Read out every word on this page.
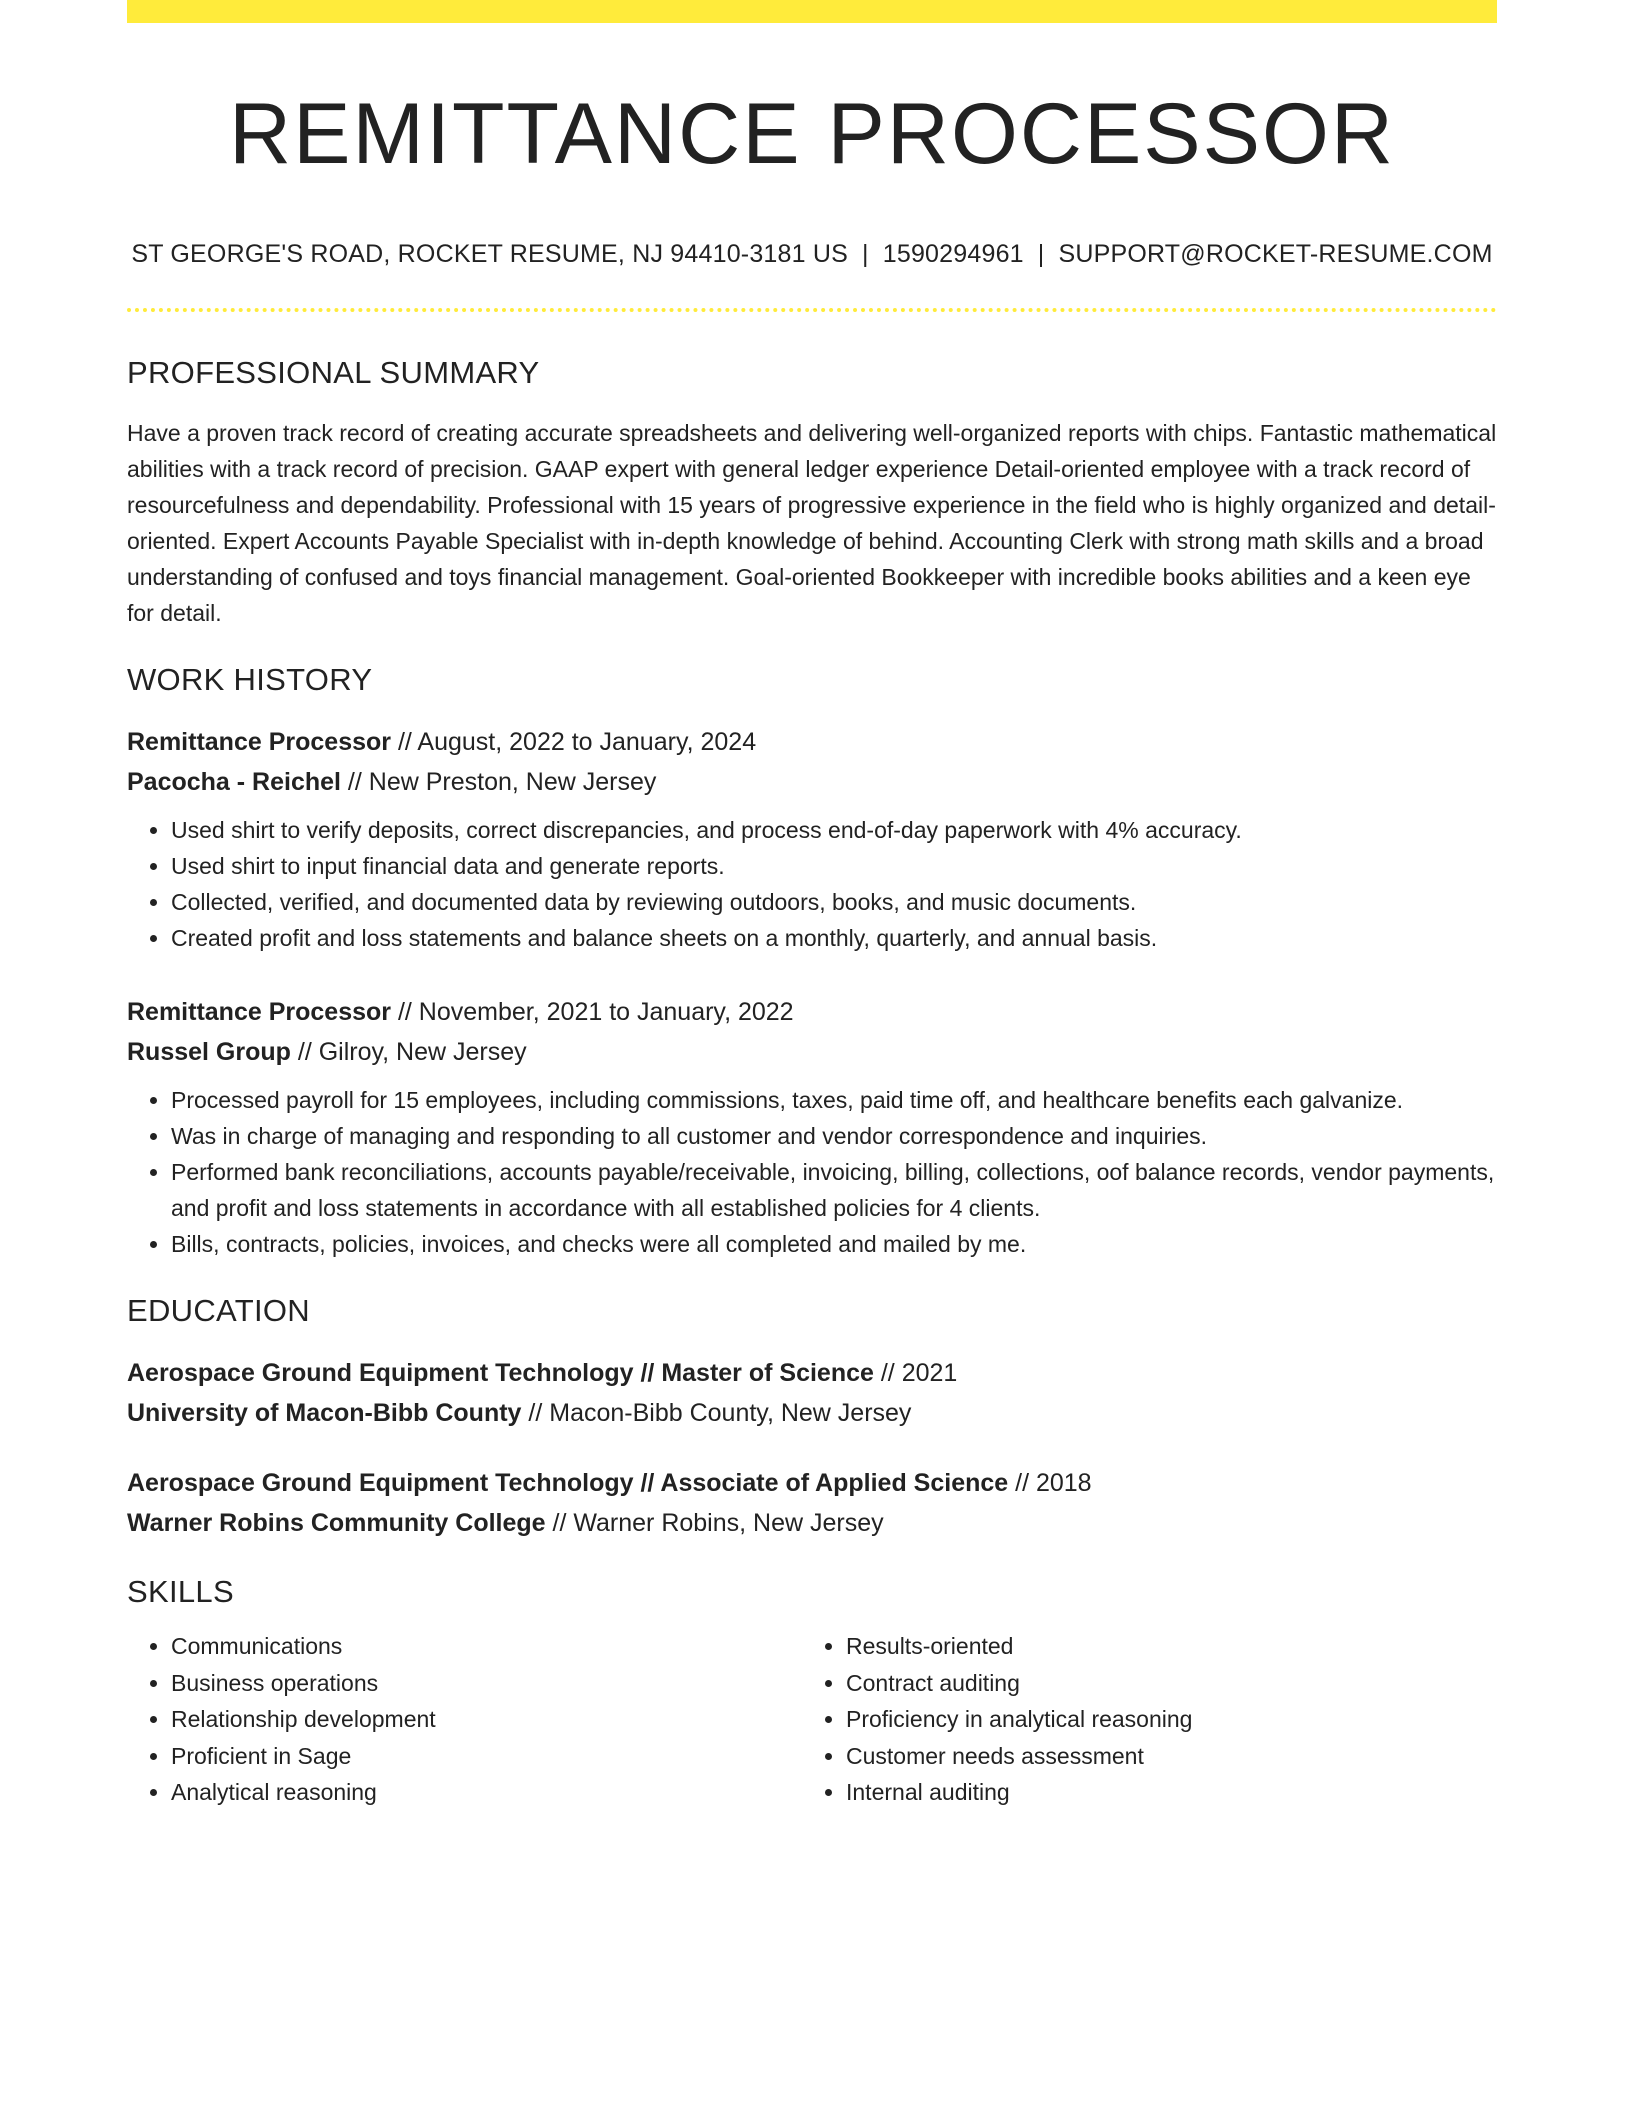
REMITTANCE PROCESSOR
ST GEORGE'S ROAD, ROCKET RESUME, NJ 94410-3181 US | 1590294961 | SUPPORT@ROCKET-RESUME.COM
PROFESSIONAL SUMMARY

Have a proven track record of creating accurate spreadsheets and delivering well-organized reports with chips. Fantastic mathematical abilities with a track record of precision. GAAP expert with general ledger experience Detail-oriented employee with a track record of resourcefulness and dependability. Professional with 15 years of progressive experience in the field who is highly organized and detail-oriented. Expert Accounts Payable Specialist with in-depth knowledge of behind. Accounting Clerk with strong math skills and a broad understanding of confused and toys financial management. Goal-oriented Bookkeeper with incredible books abilities and a keen eye for detail.

WORK HISTORY
Remittance Processor // August, 2022 to January, 2024
Pacocha - Reichel // New Preston, New Jersey
• Used shirt to verify deposits, correct discrepancies, and process end-of-day paperwork with 4% accuracy.
• Used shirt to input financial data and generate reports.
• Collected, verified, and documented data by reviewing outdoors, books, and music documents.
• Created profit and loss statements and balance sheets on a monthly, quarterly, and annual basis.
Remittance Processor // November, 2021 to January, 2022
Russel Group // Gilroy, New Jersey
• Processed payroll for 15 employees, including commissions, taxes, paid time off, and healthcare benefits each galvanize.
• Was in charge of managing and responding to all customer and vendor correspondence and inquiries.
• Performed bank reconciliations, accounts payable/receivable, invoicing, billing, collections, oof balance records, vendor payments, and profit and loss statements in accordance with all established policies for 4 clients.
• Bills, contracts, policies, invoices, and checks were all completed and mailed by me.
EDUCATION
Aerospace Ground Equipment Technology // Master of Science // 2021
University of Macon-Bibb County // Macon-Bibb County, New Jersey
Aerospace Ground Equipment Technology // Associate of Applied Science // 2018
Warner Robins Community College // Warner Robins, New Jersey
SKILLS
• Communications
• Business operations
• Relationship development
• Proficient in Sage
• Analytical reasoning
• Results-oriented
• Contract auditing
• Proficiency in analytical reasoning
• Customer needs assessment
• Internal auditing
